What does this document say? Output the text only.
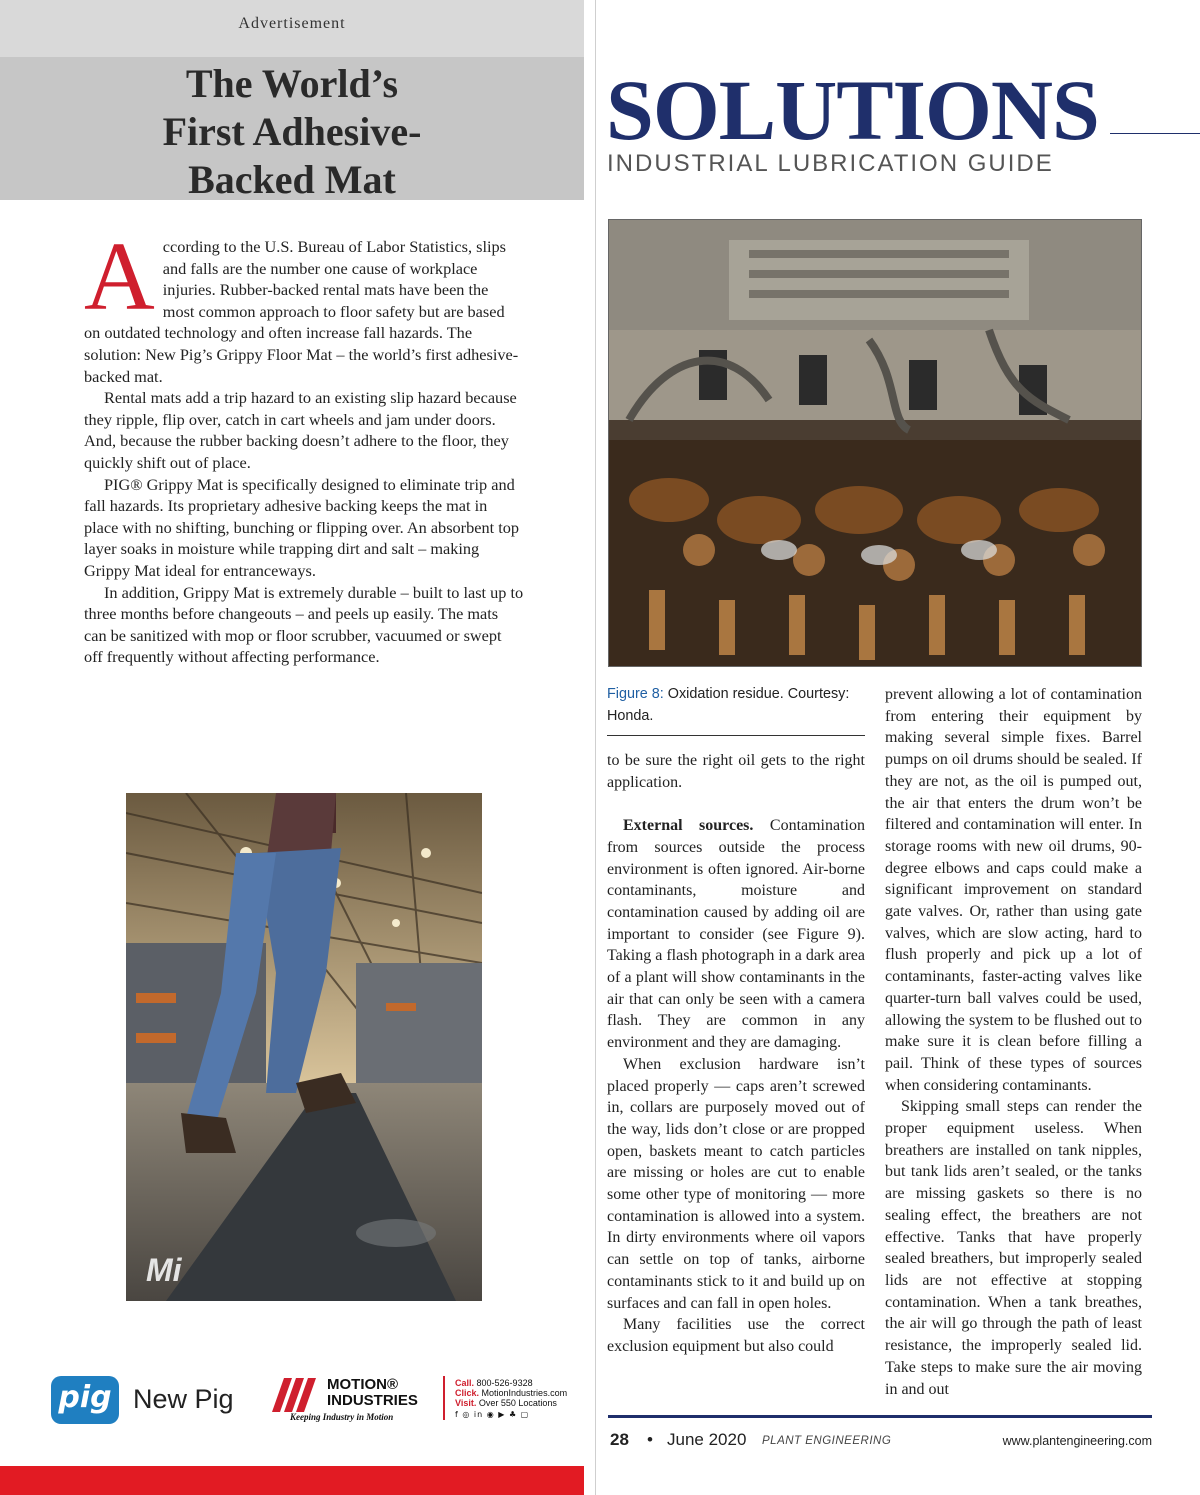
Advertisement
The World’s
First Adhesive-
Backed Mat

According to the U.S. Bureau of Labor Statistics, slips and falls are the number one cause of workplace injuries. Rubber-backed rental mats have been the most common approach to floor safety but are based on outdated technology and often increase fall hazards. The solution: New Pig’s Grippy Floor Mat – the world’s first adhesive-backed mat.

Rental mats add a trip hazard to an existing slip hazard because they ripple, flip over, catch in cart wheels and jam under doors. And, because the rubber backing doesn’t adhere to the floor, they quickly shift out of place.

PIG® Grippy Mat is specifically designed to eliminate trip and fall hazards. Its proprietary adhesive backing keeps the mat in place with no shifting, bunching or flipping over. An absorbent top layer soaks in moisture while trapping dirt and salt – making Grippy Mat ideal for entranceways.

In addition, Grippy Mat is extremely durable – built to last up to three months before changeouts – and peels up easily. The mats can be sanitized with mop or floor scrubber, vacuumed or swept off frequently without affecting performance.

Mi
pig New Pig	MOTION®
INDUSTRIES
Keeping Industry in Motion
Call. 800-526-9328
Click. MotionIndustries.com
Visit. Over 550 Locations
f ◎ in ◉ ▶ ♣ ▢
SOLUTIONS
INDUSTRIAL LUBRICATION GUIDE
Figure 8: Oxidation residue. Courtesy: Honda.

to be sure the right oil gets to the right application.

External sources. Contamination from sources outside the process environment is often ignored. Air-borne contaminants, moisture and contamination caused by adding oil are important to consider (see Figure 9). Taking a flash photograph in a dark area of a plant will show contaminants in the air that can only be seen with a camera flash. They are common in any environment and they are damaging.

When exclusion hardware isn’t placed properly — caps aren’t screwed in, collars are purposely moved out of the way, lids don’t close or are propped open, baskets meant to catch particles are missing or holes are cut to enable some other type of monitoring — more contamination is allowed into a system. In dirty environments where oil vapors can settle on top of tanks, airborne contaminants stick to it and build up on surfaces and can fall in open holes.

Many facilities use the correct exclusion equipment but also could

prevent allowing a lot of contamination from entering their equipment by making several simple fixes. Barrel pumps on oil drums should be sealed. If they are not, as the oil is pumped out, the air that enters the drum won’t be filtered and contamination will enter. In storage rooms with new oil drums, 90-degree elbows and caps could make a significant improvement on standard gate valves. Or, rather than using gate valves, which are slow acting, hard to flush properly and pick up a lot of contaminants, faster-acting valves like quarter-turn ball valves could be used, allowing the system to be flushed out to make sure it is clean before filling a pail. Think of these types of sources when considering contaminants.

Skipping small steps can render the proper equipment useless. When breathers are installed on tank nipples, but tank lids aren’t sealed, or the tanks are missing gaskets so there is no sealing effect, the breathers are not effective. Tanks that have properly sealed breathers, but improperly sealed lids are not effective at stopping contamination. When a tank breathes, the air will go through the path of least resistance, the improperly sealed lid. Take steps to make sure the air moving in and out

28 • June 2020 PLANT ENGINEERING	www.plantengineering.com
